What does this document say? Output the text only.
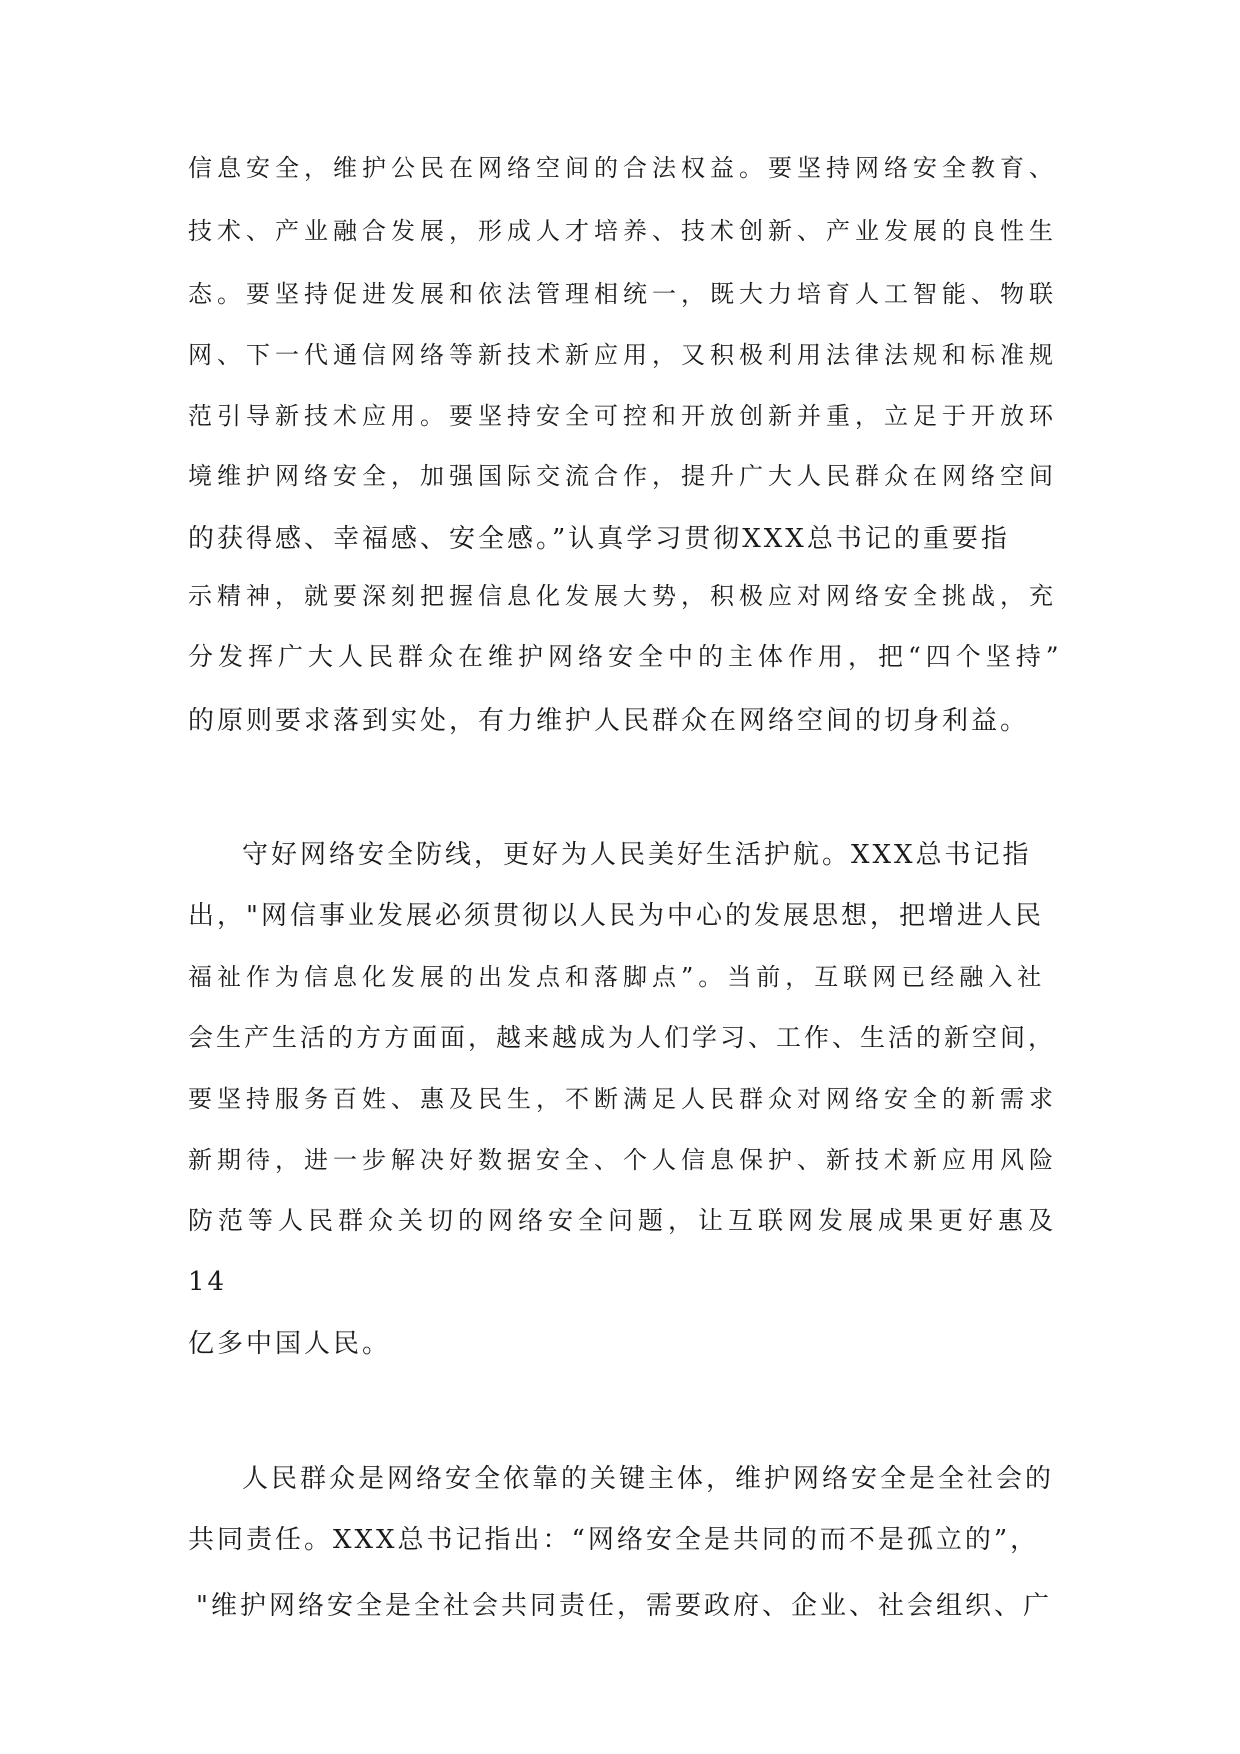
信息安全，维护公民在网络空间的合法权益。要坚持网络安全教育、
技术、产业融合发展，形成人才培养、技术创新、产业发展的良性生
态。要坚持促进发展和依法管理相统一，既大力培育人工智能、物联
网、下一代通信网络等新技术新应用，又积极利用法律法规和标准规
范引导新技术应用。要坚持安全可控和开放创新并重，立足于开放环
境维护网络安全，加强国际交流合作，提升广大人民群众在网络空间
的获得感、幸福感、安全感。”认真学习贯彻XXX总书记的重要指
示精神，就要深刻把握信息化发展大势，积极应对网络安全挑战，充
分发挥广大人民群众在维护网络安全中的主体作用，把“四个坚持”
的原则要求落到实处，有力维护人民群众在网络空间的切身利益。
守好网络安全防线，更好为人民美好生活护航。XXX总书记指
出，"网信事业发展必须贯彻以人民为中心的发展思想，把增进人民
福祉作为信息化发展的出发点和落脚点”。当前，互联网已经融入社
会生产生活的方方面面，越来越成为人们学习、工作、生活的新空间，
要坚持服务百姓、惠及民生，不断满足人民群众对网络安全的新需求
新期待，进一步解决好数据安全、个人信息保护、新技术新应用风险
防范等人民群众关切的网络安全问题，让互联网发展成果更好惠及
14
亿多中国人民。
人民群众是网络安全依靠的关键主体，维护网络安全是全社会的
共同责任。XXX总书记指出：“网络安全是共同的而不是孤立的”，
"维护网络安全是全社会共同责任，需要政府、企业、社会组织、广
